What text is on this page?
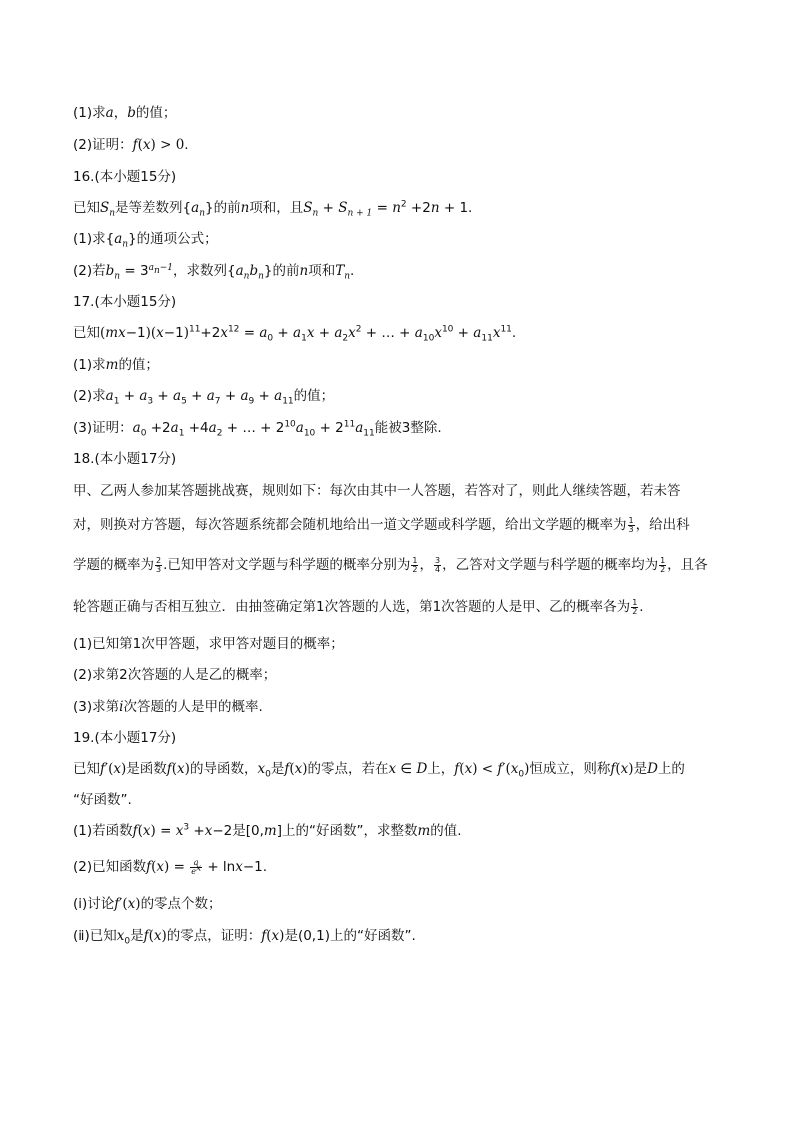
(1)求a，b的值；
(2)证明：f(x) > 0.
16.(本小题15分)
已知$S_n$是等差数列$\{a_n\}$的前n项和，且$S_n + S_{n + 1} = n^2 +2n + 1$.
(1)求$\{a_n\}$的通项公式；
(2)若$b_n = 3^{a_n-1}$，求数列$\{a_nb_n\}$的前n项和$T_n$.
17.(本小题15分)
已知$(mx-1)(x-1)^{11}+2x^{12} = a_0 + a_1x + a_2x^2$ + … + $a_{10}x^{10} + a_{11}x^{11}$.
(1)求m的值；
(2)求$a_1 + a_3 + a_5 + a_7 + a_9 + a_{11}$的值；
(3)证明：$a_0 +2a_1 +4a_2$ + … + $2^{10}a_{10} + 2^{11}a_{11}$能被3整除.
18.(本小题17分)
甲、乙两人参加某答题挑战赛，规则如下：每次由其中一人答题，若答对了，则此人继续答题，若未答
对，则换对方答题，每次答题系统都会随机地给出一道文学题或科学题，给出文学题的概率为 $\frac{1}{3}$ ，给出科
学题的概率为 $\frac{2}{3}$ .已知甲答对文学题与科学题的概率分别为 $\frac{1}{2}$ ， $\frac{3}{4}$ ，乙答对文学题与科学题的概率均为 $\frac{1}{2}$ ，且各
轮答题正确与否相互独立．由抽签确定第1次答题的人选，第1次答题的人是甲、乙的概率各为 $\frac{1}{2}$ .
(1)已知第1次甲答题，求甲答对题目的概率；
(2)求第2次答题的人是乙的概率；
(3)求第i次答题的人是甲的概率.
19.(本小题17分)
已知f′(x)是函数f(x)的导函数，$x_0$是f(x)的零点，若在x ∈ D上，$f(x) < f'(x_0)$恒成立，则称f(x)是D上的
“好函数”.
(1)若函数$f(x) = x^3 +x-2$是[0,m]上的“好函数”，求整数m的值.
(2)已知函数$f(x) = \frac{a}{e^x} + \ln x-1$.
(ⅰ)讨论f′(x)的零点个数；
(ⅱ)已知$x_0$是f(x)的零点，证明：f(x)是(0,1)上的“好函数”.
